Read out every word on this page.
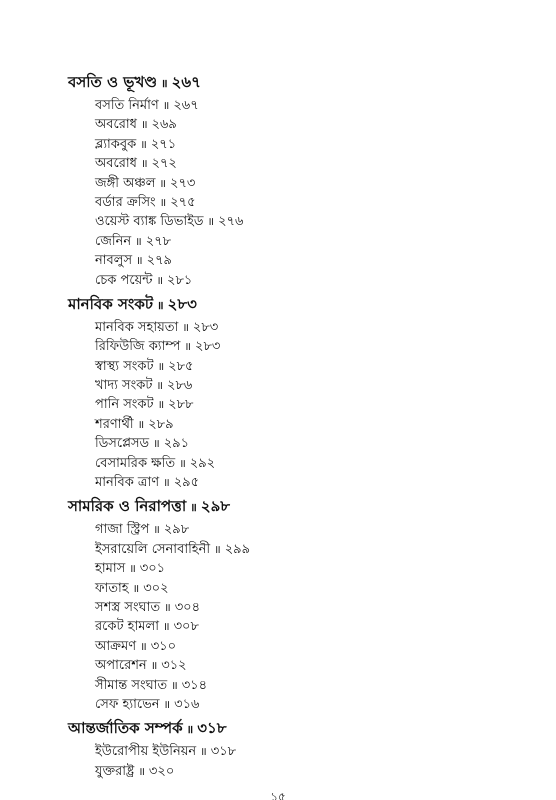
বসতি ও ভূখণ্ড ॥ ২৬৭
বসতি নির্মাণ ॥ ২৬৭
অবরোধ ॥ ২৬৯
ব্ল্যাকবুক ॥ ২৭১
অবরোধ ॥ ২৭২
জঙ্গী অঞ্চল ॥ ২৭৩
বর্ডার ক্রসিং ॥ ২৭৫
ওয়েস্ট ব্যাঙ্ক ডিভাইড ॥ ২৭৬
জেনিন ॥ ২৭৮
নাবলুস ॥ ২৭৯
চেক পয়েন্ট ॥ ২৮১
মানবিক সংকট ॥ ২৮৩
মানবিক সহায়তা ॥ ২৮৩
রিফিউজি ক্যাম্প ॥ ২৮৩
স্বাস্থ্য সংকট ॥ ২৮৫
খাদ্য সংকট ॥ ২৮৬
পানি সংকট ॥ ২৮৮
শরণার্থী ॥ ২৮৯
ডিসপ্লেসড ॥ ২৯১
বেসামরিক ক্ষতি ॥ ২৯২
মানবিক ত্রাণ ॥ ২৯৫
সামরিক ও নিরাপত্তা ॥ ২৯৮
গাজা স্ট্রিপ ॥ ২৯৮
ইসরায়েলি সেনাবাহিনী ॥ ২৯৯
হামাস ॥ ৩০১
ফাতাহ ॥ ৩০২
সশস্ত্র সংঘাত ॥ ৩০৪
রকেট হামলা ॥ ৩০৮
আক্রমণ ॥ ৩১০
অপারেশন ॥ ৩১২
সীমান্ত সংঘাত ॥ ৩১৪
সেফ হ্যাভেন ॥ ৩১৬
আন্তর্জাতিক সম্পর্ক ॥ ৩১৮
ইউরোপীয় ইউনিয়ন ॥ ৩১৮
যুক্তরাষ্ট্র ॥ ৩২০
১৫
